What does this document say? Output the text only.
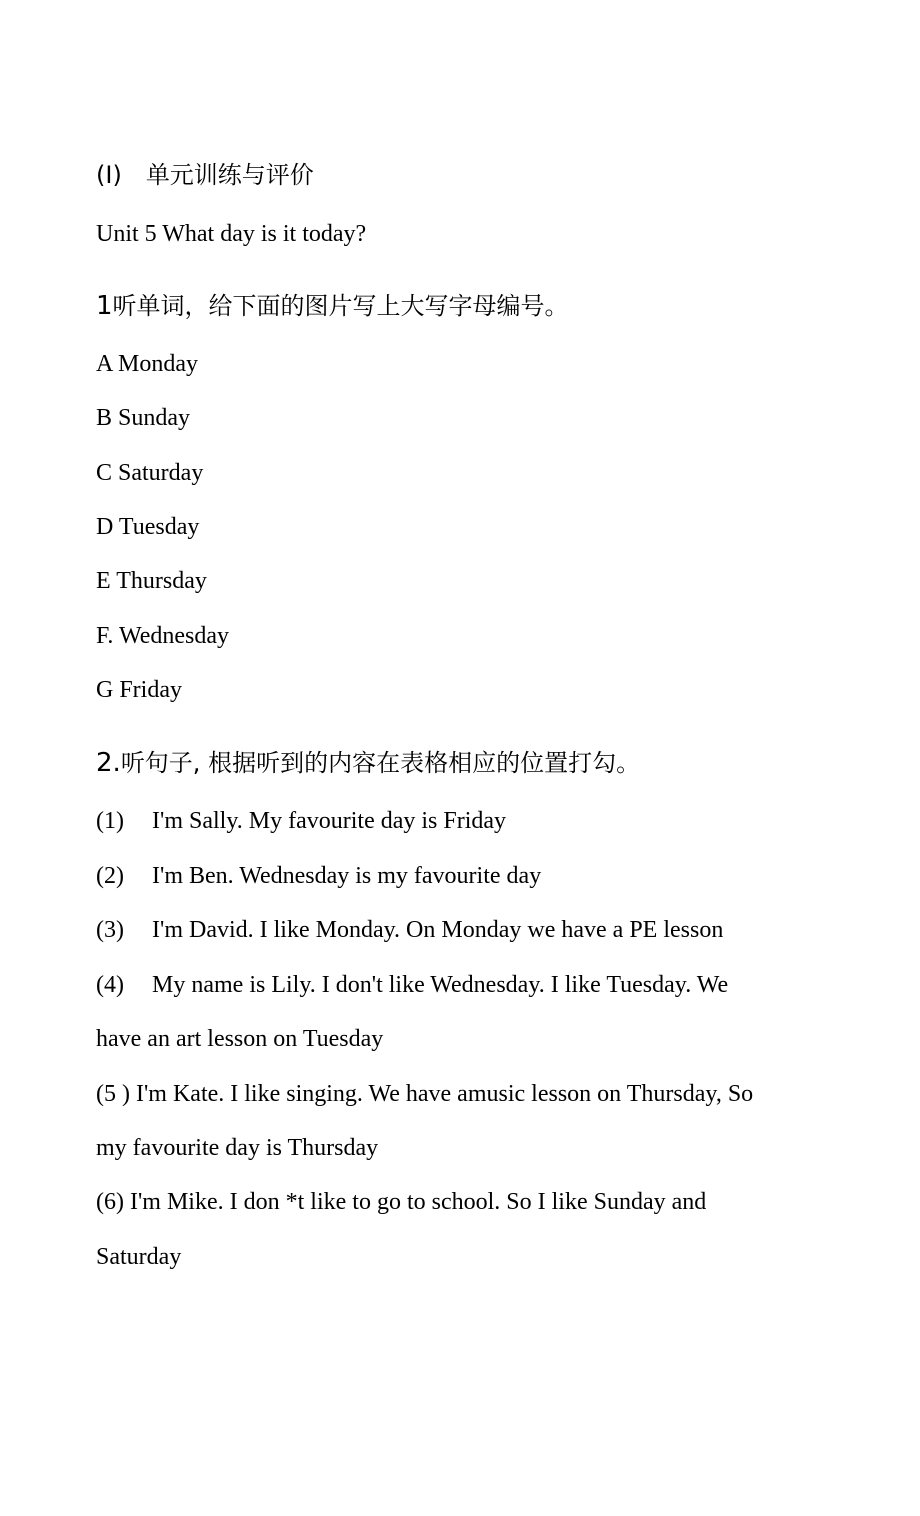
(I) 单元训练与评价
Unit 5 What day is it today?
1听单词，给下面的图片写上大写字母编号。
A Monday
B Sunday
C Saturday
D Tuesday
E Thursday
F. Wednesday
G Friday
2.听句子, 根据听到的内容在表格相应的位置打勾。
(1) I'm Sally. My favourite day is Friday
(2) I'm Ben. Wednesday is my favourite day
(3) I'm David. I like Monday. On Monday we have a PE lesson
(4) My name is Lily. I don't like Wednesday. I like Tuesday. We
have an art lesson on Tuesday
(5 ) I'm Kate. I like singing. We have amusic lesson on Thursday, So
my favourite day is Thursday
(6) I'm Mike. I don *t like to go to school. So I like Sunday and
Saturday
